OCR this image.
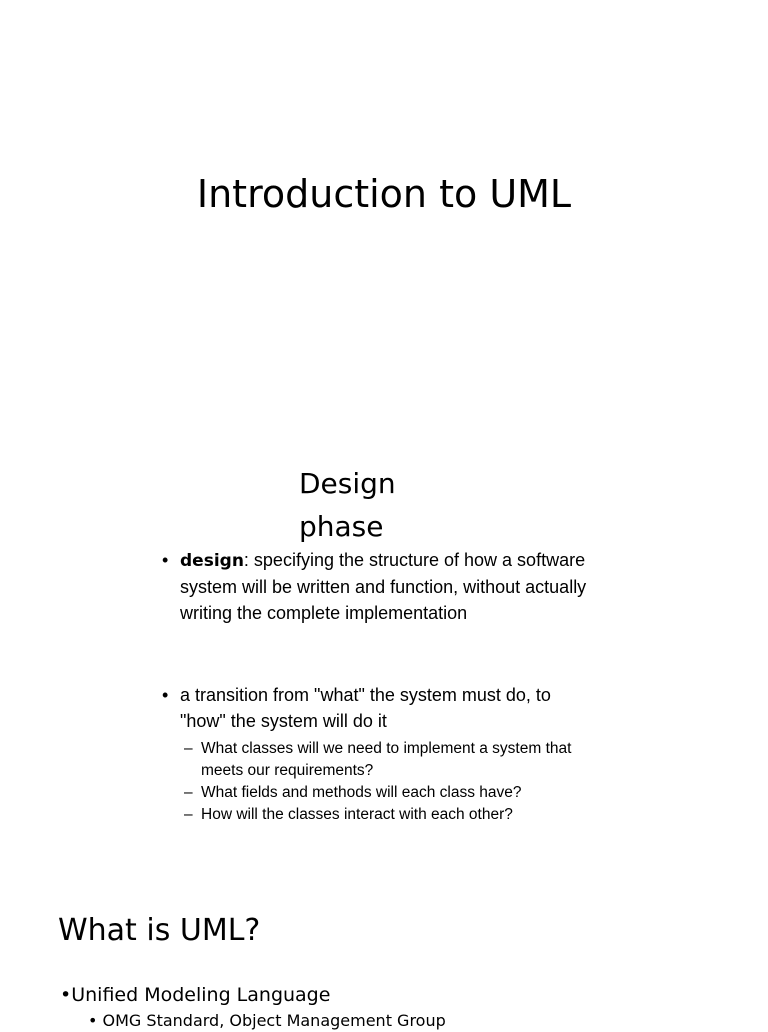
Introduction to UML
Design
phase
• design: specifying the structure of how a software system will be written and function, without actually writing the complete implementation
• a transition from "what" the system must do, to "how" the system will do it
– What classes will we need to implement a system that meets our requirements?
– What fields and methods will each class have?
– How will the classes interact with each other?
What is UML?
•Unified Modeling Language
• OMG Standard, Object Management Group
